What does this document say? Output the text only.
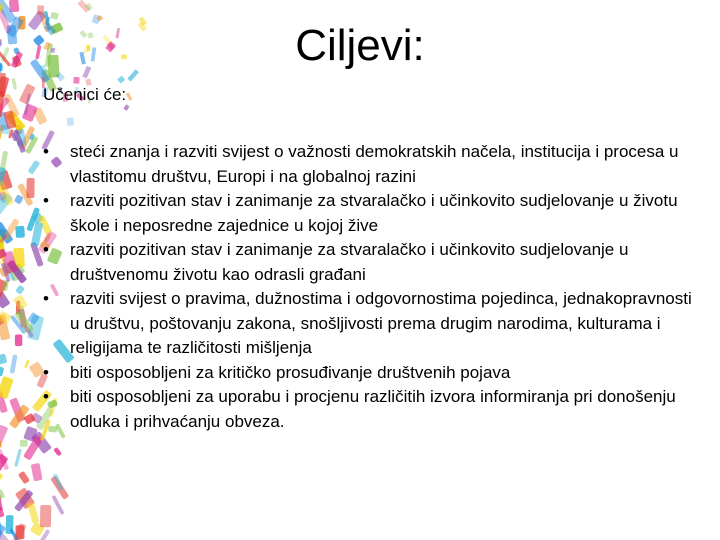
Ciljevi:
Učenici će:
•	steći znanja i razviti svijest o važnosti demokratskih načela, institucija i procesa u vlastitomu društvu, Europi i na globalnoj razini
•	razviti pozitivan stav i zanimanje za stvaralačko i učinkovito sudjelovanje u životu škole i neposredne zajednice u kojoj žive
•	razviti pozitivan stav i zanimanje za stvaralačko i učinkovito sudjelovanje u društvenomu životu kao odrasli građani
•	razviti svijest o pravima, dužnostima i odgovornostima pojedinca, jednakopravnosti u društvu, poštovanju zakona, snošljivosti prema drugim narodima, kulturama i religijama te različitosti mišljenja
•	biti osposobljeni za kritičko prosuđivanje društvenih pojava
•	biti osposobljeni za uporabu i procjenu različitih izvora informiranja pri donošenju odluka i prihvaćanju obveza.
